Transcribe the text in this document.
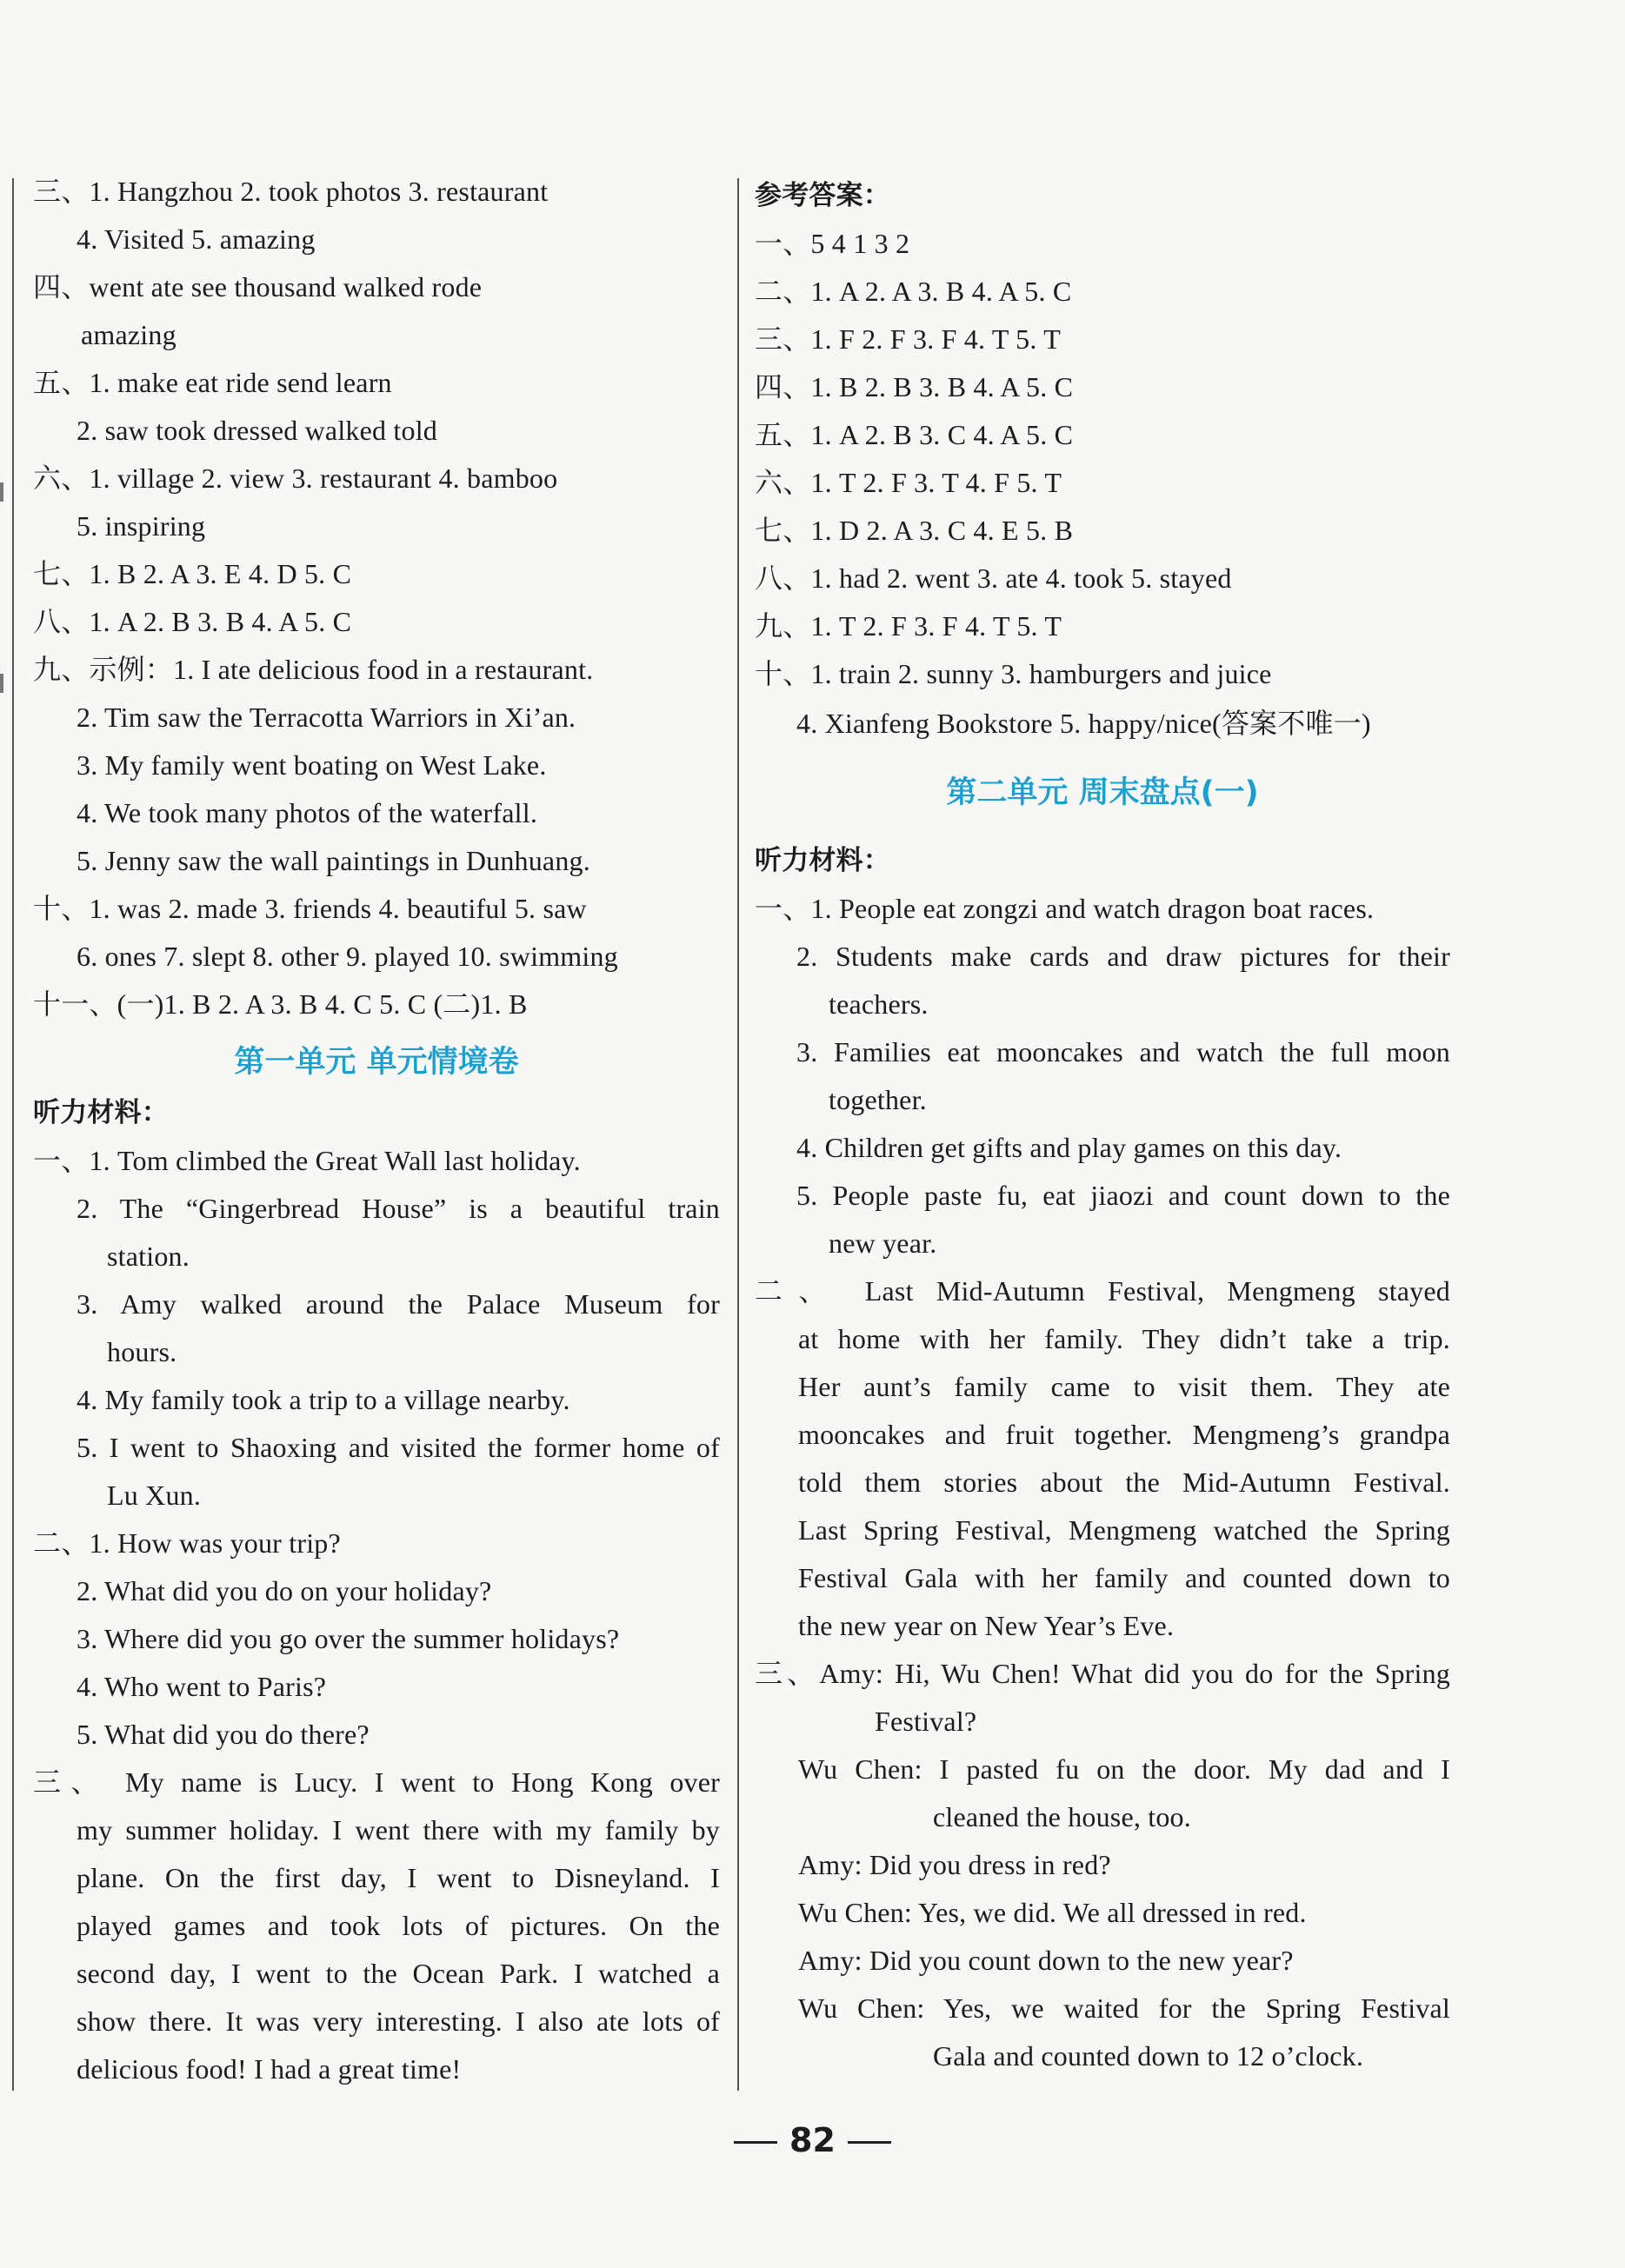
三、1. Hangzhou 2. took photos 3. restaurant
4. Visited 5. amazing
四、went ate see thousand walked rode
amazing
五、1. make eat ride send learn
2. saw took dressed walked told
六、1. village 2. view 3. restaurant 4. bamboo
5. inspiring
七、1. B 2. A 3. E 4. D 5. C
八、1. A 2. B 3. B 4. A 5. C
九、示例：1. I ate delicious food in a restaurant.
2. Tim saw the Terracotta Warriors in Xi’an.
3. My family went boating on West Lake.
4. We took many photos of the waterfall.
5. Jenny saw the wall paintings in Dunhuang.
十、1. was 2. made 3. friends 4. beautiful 5. saw
6. ones 7. slept 8. other 9. played 10. swimming
十一、(一)1. B 2. A 3. B 4. C 5. C (二)1. B
第一单元 单元情境卷
听力材料：
一、1. Tom climbed the Great Wall last holiday.
2. The “Gingerbread House” is a beautiful train
station.
3. Amy walked around the Palace Museum for
hours.
4. My family took a trip to a village nearby.
5. I went to Shaoxing and visited the former home of
Lu Xun.
二、1. How was your trip?
2. What did you do on your holiday?
3. Where did you go over the summer holidays?
4. Who went to Paris?
5. What did you do there?
三、 My name is Lucy. I went to Hong Kong over
my summer holiday. I went there with my family by
plane. On the first day, I went to Disneyland. I
played games and took lots of pictures. On the
second day, I went to the Ocean Park. I watched a
show there. It was very interesting. I also ate lots of
delicious food! I had a great time!
参考答案：
一、5 4 1 3 2
二、1. A 2. A 3. B 4. A 5. C
三、1. F 2. F 3. F 4. T 5. T
四、1. B 2. B 3. B 4. A 5. C
五、1. A 2. B 3. C 4. A 5. C
六、1. T 2. F 3. T 4. F 5. T
七、1. D 2. A 3. C 4. E 5. B
八、1. had 2. went 3. ate 4. took 5. stayed
九、1. T 2. F 3. F 4. T 5. T
十、1. train 2. sunny 3. hamburgers and juice
4. Xianfeng Bookstore 5. happy/nice(答案不唯一)
第二单元 周末盘点(一)
听力材料：
一、1. People eat zongzi and watch dragon boat races.
2. Students make cards and draw pictures for their
teachers.
3. Families eat mooncakes and watch the full moon
together.
4. Children get gifts and play games on this day.
5. People paste fu, eat jiaozi and count down to the
new year.
二、 Last Mid-Autumn Festival, Mengmeng stayed
at home with her family. They didn’t take a trip.
Her aunt’s family came to visit them. They ate
mooncakes and fruit together. Mengmeng’s grandpa
told them stories about the Mid-Autumn Festival.
Last Spring Festival, Mengmeng watched the Spring
Festival Gala with her family and counted down to
the new year on New Year’s Eve.
三、Amy: Hi, Wu Chen! What did you do for the Spring
Festival?
Wu Chen: I pasted fu on the door. My dad and I
cleaned the house, too.
Amy: Did you dress in red?
Wu Chen: Yes, we did. We all dressed in red.
Amy: Did you count down to the new year?
Wu Chen: Yes, we waited for the Spring Festival
Gala and counted down to 12 o’clock.
82
